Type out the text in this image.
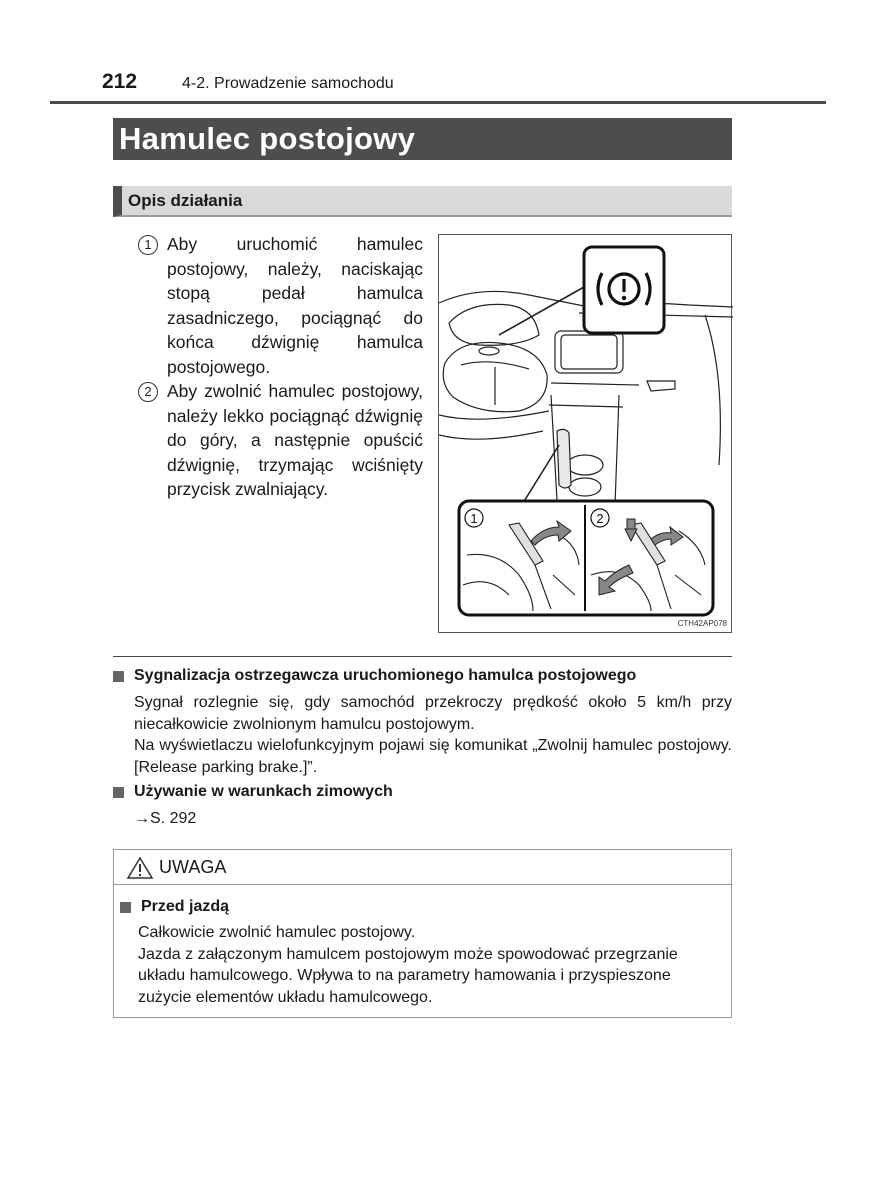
212	4-2. Prowadzenie samochodu
Hamulec postojowy
Opis działania
1 Aby uruchomić hamulec postojowy, należy, naciskając stopą pedał hamulca zasadniczego, pociągnąć do końca dźwignię hamulca postojowego.
2 Aby zwolnić hamulec postojowy, należy lekko pociągnąć dźwignię do góry, a następnie opuścić dźwignię, trzymając wciśnięty przycisk zwalniający.
1	2
CTH42AP078
Sygnalizacja ostrzegawcza uruchomionego hamulca postojowego
Sygnał rozlegnie się, gdy samochód przekroczy prędkość około 5 km/h przy niecałkowicie zwolnionym hamulcu postojowym.
Na wyświetlaczu wielofunkcyjnym pojawi się komunikat „Zwolnij hamulec postojowy. [Release parking brake.]”.
Używanie w warunkach zimowych
→S. 292
UWAGA
Przed jazdą
Całkowicie zwolnić hamulec postojowy.
Jazda z załączonym hamulcem postojowym może spowodować przegrzanie układu hamulcowego. Wpływa to na parametry hamowania i przyspieszone zużycie elementów układu hamulcowego.
